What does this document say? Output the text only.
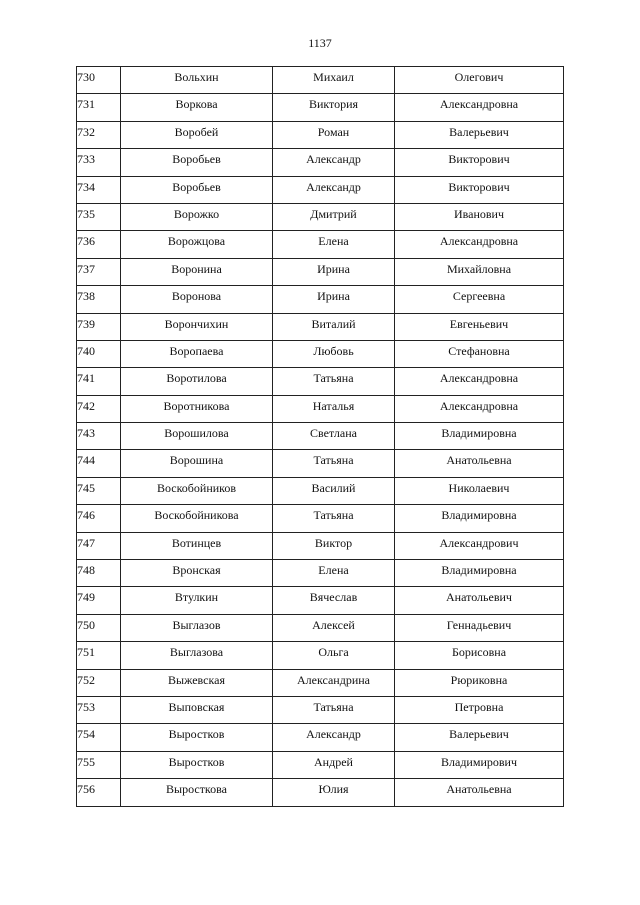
1137
730	Вольхин	Михаил	Олегович
731	Воркова	Виктория	Александровна
732	Воробей	Роман	Валерьевич
733	Воробьев	Александр	Викторович
734	Воробьев	Александр	Викторович
735	Ворожко	Дмитрий	Иванович
736	Ворожцова	Елена	Александровна
737	Воронина	Ирина	Михайловна
738	Воронова	Ирина	Сергеевна
739	Ворончихин	Виталий	Евгеньевич
740	Воропаева	Любовь	Стефановна
741	Воротилова	Татьяна	Александровна
742	Воротникова	Наталья	Александровна
743	Ворошилова	Светлана	Владимировна
744	Ворошина	Татьяна	Анатольевна
745	Воскобойников	Василий	Николаевич
746	Воскобойникова	Татьяна	Владимировна
747	Вотинцев	Виктор	Александрович
748	Вронская	Елена	Владимировна
749	Втулкин	Вячеслав	Анатольевич
750	Выглазов	Алексей	Геннадьевич
751	Выглазова	Ольга	Борисовна
752	Выжевская	Александрина	Рюриковна
753	Выповская	Татьяна	Петровна
754	Выростков	Александр	Валерьевич
755	Выростков	Андрей	Владимирович
756	Выросткова	Юлия	Анатольевна
